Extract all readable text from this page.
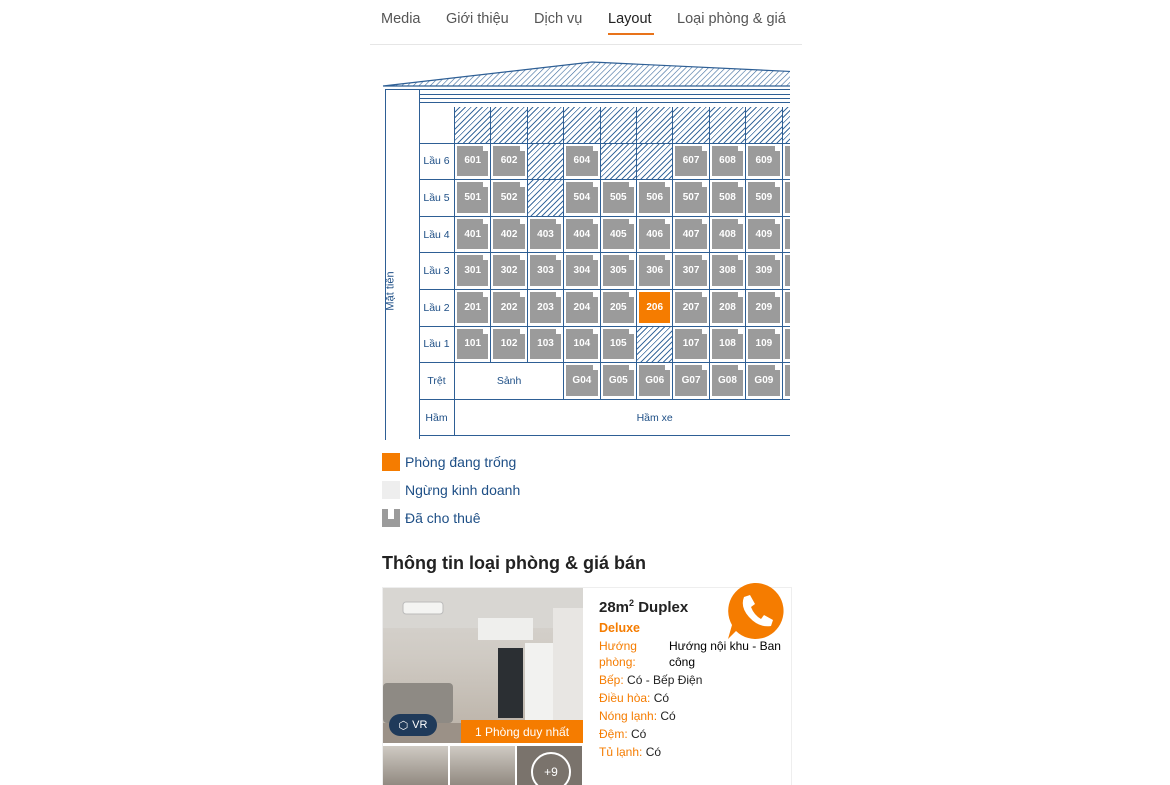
Media Giới thiệu Dịch vụ Layout Loại phòng & giá
Mặt tiền
Lầu 6	601 602	604	607 608 609
Lầu 5	501 502	504 505 506 507 508 509
Lầu 4	401 402 403 404 405 406 407 408 409
Lầu 3	301 302 303 304 305 306 307 308 309
Lầu 2	201 202 203 204 205 206 207 208 209
Lầu 1	101 102 103 104 105	107 108 109
Trệt	Sảnh	G04 G05 G06 G07 G08 G09
Hầm	Hầm xe
Phòng đang trống
Ngừng kinh doanh
Đã cho thuê
Thông tin loại phòng & giá bán
⬡ VR	1 Phòng duy nhất
+9
$28m^2$ Duplex
Deluxe
Hướng phòng:
Hướng nội khu - Ban công
Bếp: Có - Bếp Điện
Điều hòa: Có
Nóng lạnh: Có
Đệm: Có
Tủ lạnh: Có
